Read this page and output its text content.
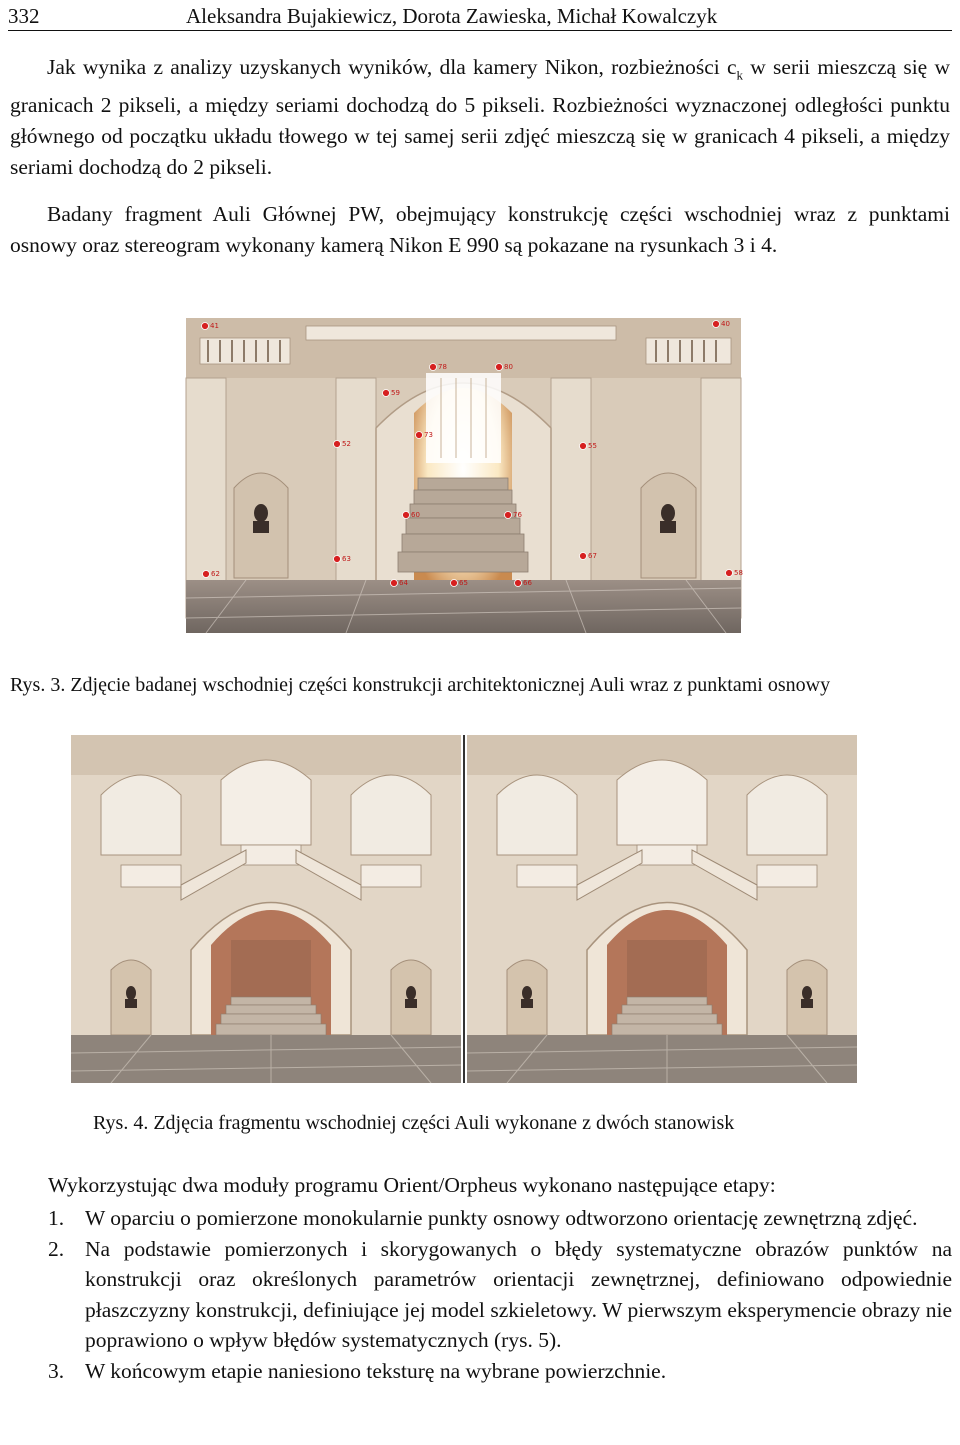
332	Aleksandra Bujakiewicz, Dorota Zawieska, Michał Kowalczyk
Jak wynika z analizy uzyskanych wyników, dla kamery Nikon, rozbieżności $c_k$ w serii mieszczą się w granicach 2 pikseli, a między seriami dochodzą do 5 pikseli. Rozbieżności wyznaczonej odległości punktu głównego od początku układu tłowego w tej samej serii zdjęć mieszczą się w granicach 4 pikseli, a między seriami dochodzą do 2 pikseli.
Badany fragment Auli Głównej PW, obejmujący konstrukcję części wschodniej wraz z punktami osnowy oraz stereogram wykonany kamerą Nikon E 990 są pokazane na rysunkach 3 i 4.
41	40
78	80
52	55
73
63	67
62
64	65	66
58
76
60
59
Rys. 3. Zdjęcie badanej wschodniej części konstrukcji architektonicznej Auli wraz z punktami osnowy
Rys. 4. Zdjęcia fragmentu wschodniej części Auli wykonane z dwóch stanowisk
Wykorzystując dwa moduły programu Orient/Orpheus wykonano następujące etapy:
1. W oparciu o pomierzone monokularnie punkty osnowy odtworzono orientację zewnętrzną zdjęć.
2. Na podstawie pomierzonych i skorygowanych o błędy systematyczne obrazów punktów na konstrukcji oraz określonych parametrów orientacji zewnętrznej, definiowano odpowiednie płaszczyzny konstrukcji, definiujące jej model szkieletowy. W pierwszym eksperymencie obrazy nie poprawiono o wpływ błędów systematycznych (rys. 5).
3. W końcowym etapie naniesiono teksturę na wybrane powierzchnie.
